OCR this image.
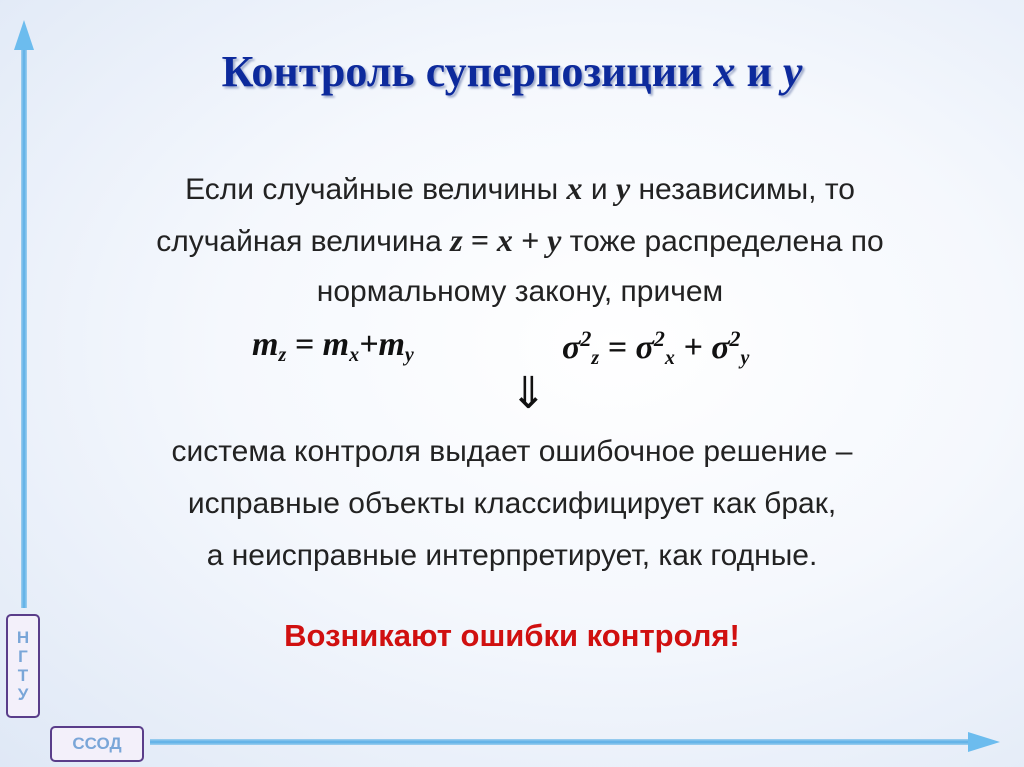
Контроль суперпозиции x и y
Если случайные величины x и y независимы, то
случайная величина z = x + y тоже распределена по
нормальному закону, причем
$m_z = m_x+m_y$	$\sigma^2_z = \sigma^2_x + \sigma^2_y$
⇓
система контроля выдает ошибочное решение –
исправные объекты классифицирует как брак,
а неисправные интерпретирует, как годные.
Возникают ошибки контроля!
Н
Г
Т
У
ССОД
